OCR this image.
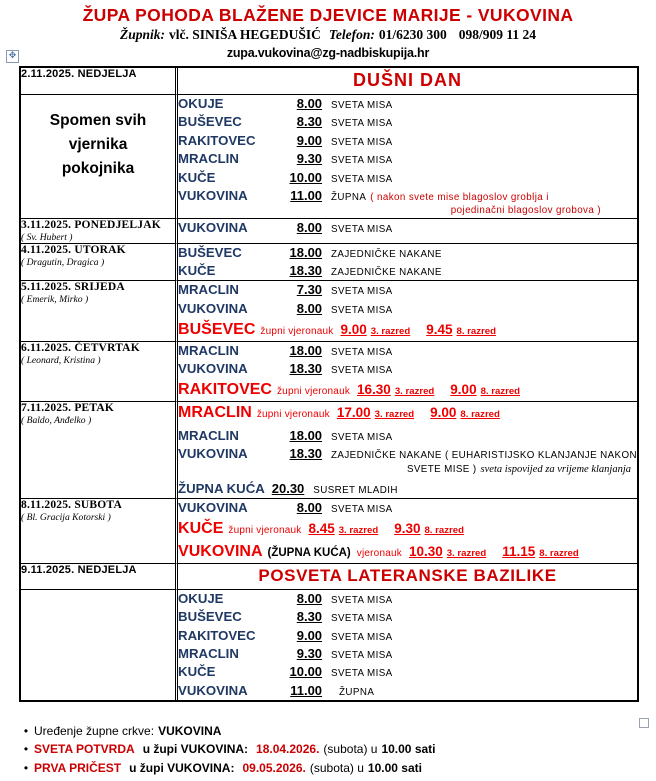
ŽUPA POHODA BLAŽENE DJEVICE MARIJE - VUKOVINA
Župnik: vlč. SINIŠA HEGEDUŠIĆ Telefon: 01/6230 300 098/909 11 24
zupa.vukovina@zg-nadbiskupija.hr
✥
2.11.2025. NEDJELJA	DUŠNI DAN

Spomen svih
vjernika
pokojnika

OKUJE	8.00 SVETA MISA
BUŠEVEC	8.30 SVETA MISA
RAKITOVEC	9.00 SVETA MISA
MRACLIN	9.30 SVETA MISA
KUČE	10.00 SVETA MISA
VUKOVINA	11.00 ŽUPNA ( nakon svete mise blagoslov groblja i
pojedinačni blagoslov grobova )

3.11.2025. PONEDJELJAK
( Sv. Hubert )

VUKOVINA	8.00 SVETA MISA

4.11.2025. UTORAK
( Dragutin, Dragica )

BUŠEVEC	18.00 ZAJEDNIČKE NAKANE
KUČE	18.30 ZAJEDNIČKE NAKANE

5.11.2025. SRIJEDA
( Emerik, Mirko )

MRACLIN	7.30 SVETA MISA
VUKOVINA	8.00 SVETA MISA
BUŠEVEC župni vjeronauk 9.00 3. razred 9.45 8. razred

6.11.2025. ČETVRTAK
( Leonard, Kristina )

MRACLIN	18.00 SVETA MISA
VUKOVINA	18.30 SVETA MISA
RAKITOVEC župni vjeronauk 16.30 3. razred 9.00 8. razred

7.11.2025. PETAK
( Baldo, Anđelko )	MRACLIN župni vjeronauk 17.00 3. razred 9.00 8. razred
MRACLIN	18.00 SVETA MISA
VUKOVINA	18.30 ZAJEDNIČKE NAKANE ( EUHARISTIJSKO KLANJANJE NAKON
SVETE MISE ) sveta ispovijed za vrijeme klanjanja
ŽUPNA KUĆA 20.30 SUSRET MLADIH

8.11.2025. SUBOTA
( Bl. Gracija Kotorski )

VUKOVINA	8.00 SVETA MISA
KUČE župni vjeronauk 8.45 3. razred 9.30 8. razred
VUKOVINA (ŽUPNA KUĆA) vjeronauk 10.30 3. razred 11.15 8. razred

9.11.2025. NEDJELJA	POSVETA LATERANSKE BAZILIKE

OKUJE	8.00 SVETA MISA
BUŠEVEC	8.30 SVETA MISA
RAKITOVEC	9.00 SVETA MISA
MRACLIN	9.30 SVETA MISA
KUČE	10.00 SVETA MISA
VUKOVINA	11.00	ŽUPNA
• Uređenje župne crkve: VUKOVINA
• SVETA POTVRDA u župi VUKOVINA: 18.04.2026. (subota) u 10.00 sati
• PRVA PRIČEST u župi VUKOVINA: 09.05.2026. (subota) u 10.00 sati
